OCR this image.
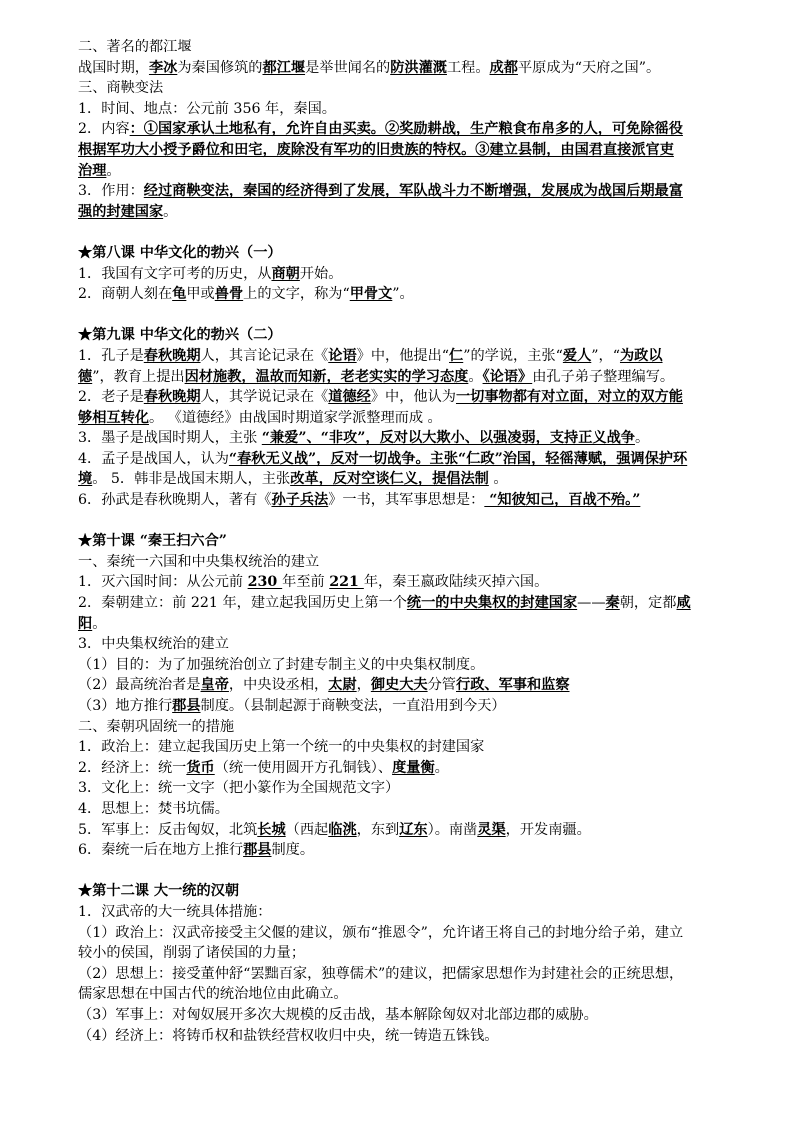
二、著名的都江堰
战国时期，李冰为秦国修筑的都江堰是举世闻名的防洪灌溉工程。成都平原成为“天府之国”。
三、商鞅变法
1．时间、地点：公元前 356 年，秦国。
2．内容：①国家承认土地私有，允许自由买卖。②奖励耕战，生产粮食布帛多的人，可免除徭役
根据军功大小授予爵位和田宅，废除没有军功的旧贵族的特权。③建立县制，由国君直接派官吏
治理。
3．作用：经过商鞅变法，秦国的经济得到了发展，军队战斗力不断增强，发展成为战国后期最富
强的封建国家。
★第八课 中华文化的勃兴（一）
1．我国有文字可考的历史，从商朝开始。
2．商朝人刻在龟甲或兽骨上的文字，称为“甲骨文”。
★第九课 中华文化的勃兴（二）
1．孔子是春秋晚期人，其言论记录在《论语》中，他提出“仁”的学说，主张“爱人”，“为政以
德”，教育上提出因材施教，温故而知新，老老实实的学习态度。《论语》由孔子弟子整理编写。
2．老子是春秋晚期人，其学说记录在《道德经》中，他认为一切事物都有对立面，对立的双方能
够相互转化。 《道德经》由战国时期道家学派整理而成 。
3．墨子是战国时期人，主张 “兼爱”、“非攻”，反对以大欺小、以强凌弱，支持正义战争。
4．孟子是战国人，认为“春秋无义战”，反对一切战争。主张“仁政”治国，轻徭薄赋，强调保护环
境。 5．韩非是战国末期人，主张改革，反对空谈仁义，提倡法制 。
6．孙武是春秋晚期人，著有《孙子兵法》一书，其军事思想是： “知彼知己，百战不殆。”
★第十课 “秦王扫六合”
一、秦统一六国和中央集权统治的建立
1．灭六国时间：从公元前 230 年至前 221 年，秦王嬴政陆续灭掉六国。
2．秦朝建立：前 221 年，建立起我国历史上第一个统一的中央集权的封建国家——秦朝，定都咸
阳。
3．中央集权统治的建立
（1）目的：为了加强统治创立了封建专制主义的中央集权制度。
（2）最高统治者是皇帝，中央设丞相，太尉，御史大夫分管行政、军事和监察
（3）地方推行郡县制度。（县制起源于商鞅变法，一直沿用到今天）
二、秦朝巩固统一的措施
1．政治上：建立起我国历史上第一个统一的中央集权的封建国家
2．经济上：统一货币（统一使用圆开方孔铜钱）、度量衡。
3．文化上：统一文字（把小篆作为全国规范文字）
4．思想上：焚书坑儒。
5．军事上：反击匈奴，北筑长城（西起临洮，东到辽东）。南凿灵渠，开发南疆。
6．秦统一后在地方上推行郡县制度。
★第十二课 大一统的汉朝
1．汉武帝的大一统具体措施：
（1）政治上：汉武帝接受主父偃的建议，颁布“推恩令”，允许诸王将自己的封地分给子弟，建立
较小的侯国，削弱了诸侯国的力量；
（2）思想上：接受董仲舒“罢黜百家，独尊儒术”的建议，把儒家思想作为封建社会的正统思想，
儒家思想在中国古代的统治地位由此确立。
（3）军事上：对匈奴展开多次大规模的反击战，基本解除匈奴对北部边郡的威胁。
（4）经济上：将铸币权和盐铁经营权收归中央，统一铸造五铢钱。
